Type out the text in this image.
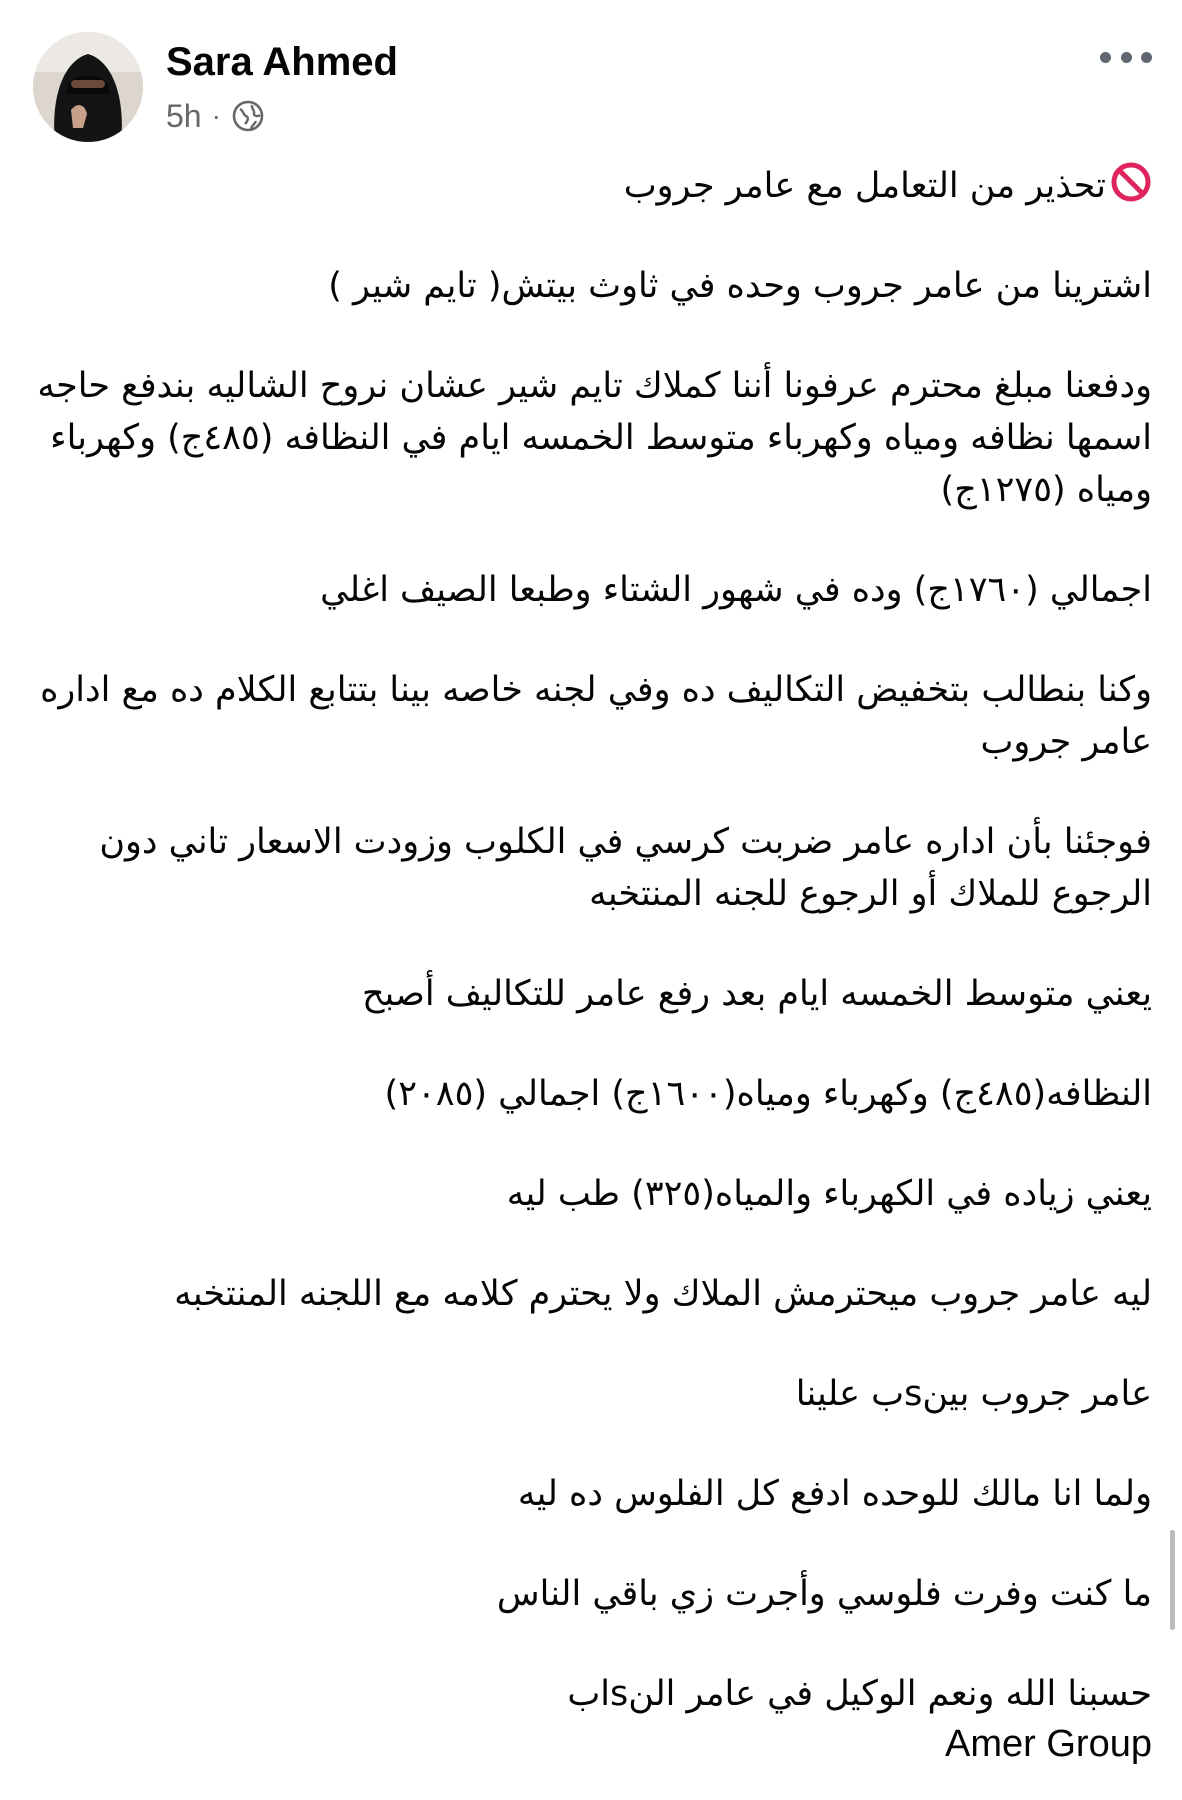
Sara Ahmed
5h ·
تحذير من التعامل مع عامر جروب
اشترينا من عامر جروب وحده في ثاوث بيتش( تايم شير )
ودفعنا مبلغ محترم عرفونا أننا كملاك تايم شير عشان نروح الشاليه بندفع حاجه اسمها نظافه ومياه وكهرباء متوسط الخمسه ايام في النظافه (٤٨٥ج) وكهرباء ومياه (١٢٧٥ج)
اجمالي (١٧٦٠ج) وده في شهور الشتاء وطبعا الصيف اغلي
وكنا بنطالب بتخفيض التكاليف ده وفي لجنه خاصه بينا بتتابع الكلام ده مع اداره عامر جروب
فوجئنا بأن اداره عامر ضربت كرسي في الكلوب وزودت الاسعار تاني دون الرجوع للملاك أو الرجوع للجنه المنتخبه
يعني متوسط الخمسه ايام بعد رفع عامر للتكاليف أصبح
النظافه(٤٨٥ج) وكهرباء ومياه(١٦٠٠ج) اجمالي (٢٠٨٥)
يعني زياده في الكهرباء والمياه(٣٢٥) طب ليه
ليه عامر جروب ميحترمش الملاك ولا يحترم كلامه مع اللجنه المنتخبه
عامر جروب بينsب علينا
ولما انا مالك للوحده ادفع كل الفلوس ده ليه
ما كنت وفرت فلوسي وأجرت زي باقي الناس
حسبنا الله ونعم الوكيل في عامر النsاب
Amer Group
